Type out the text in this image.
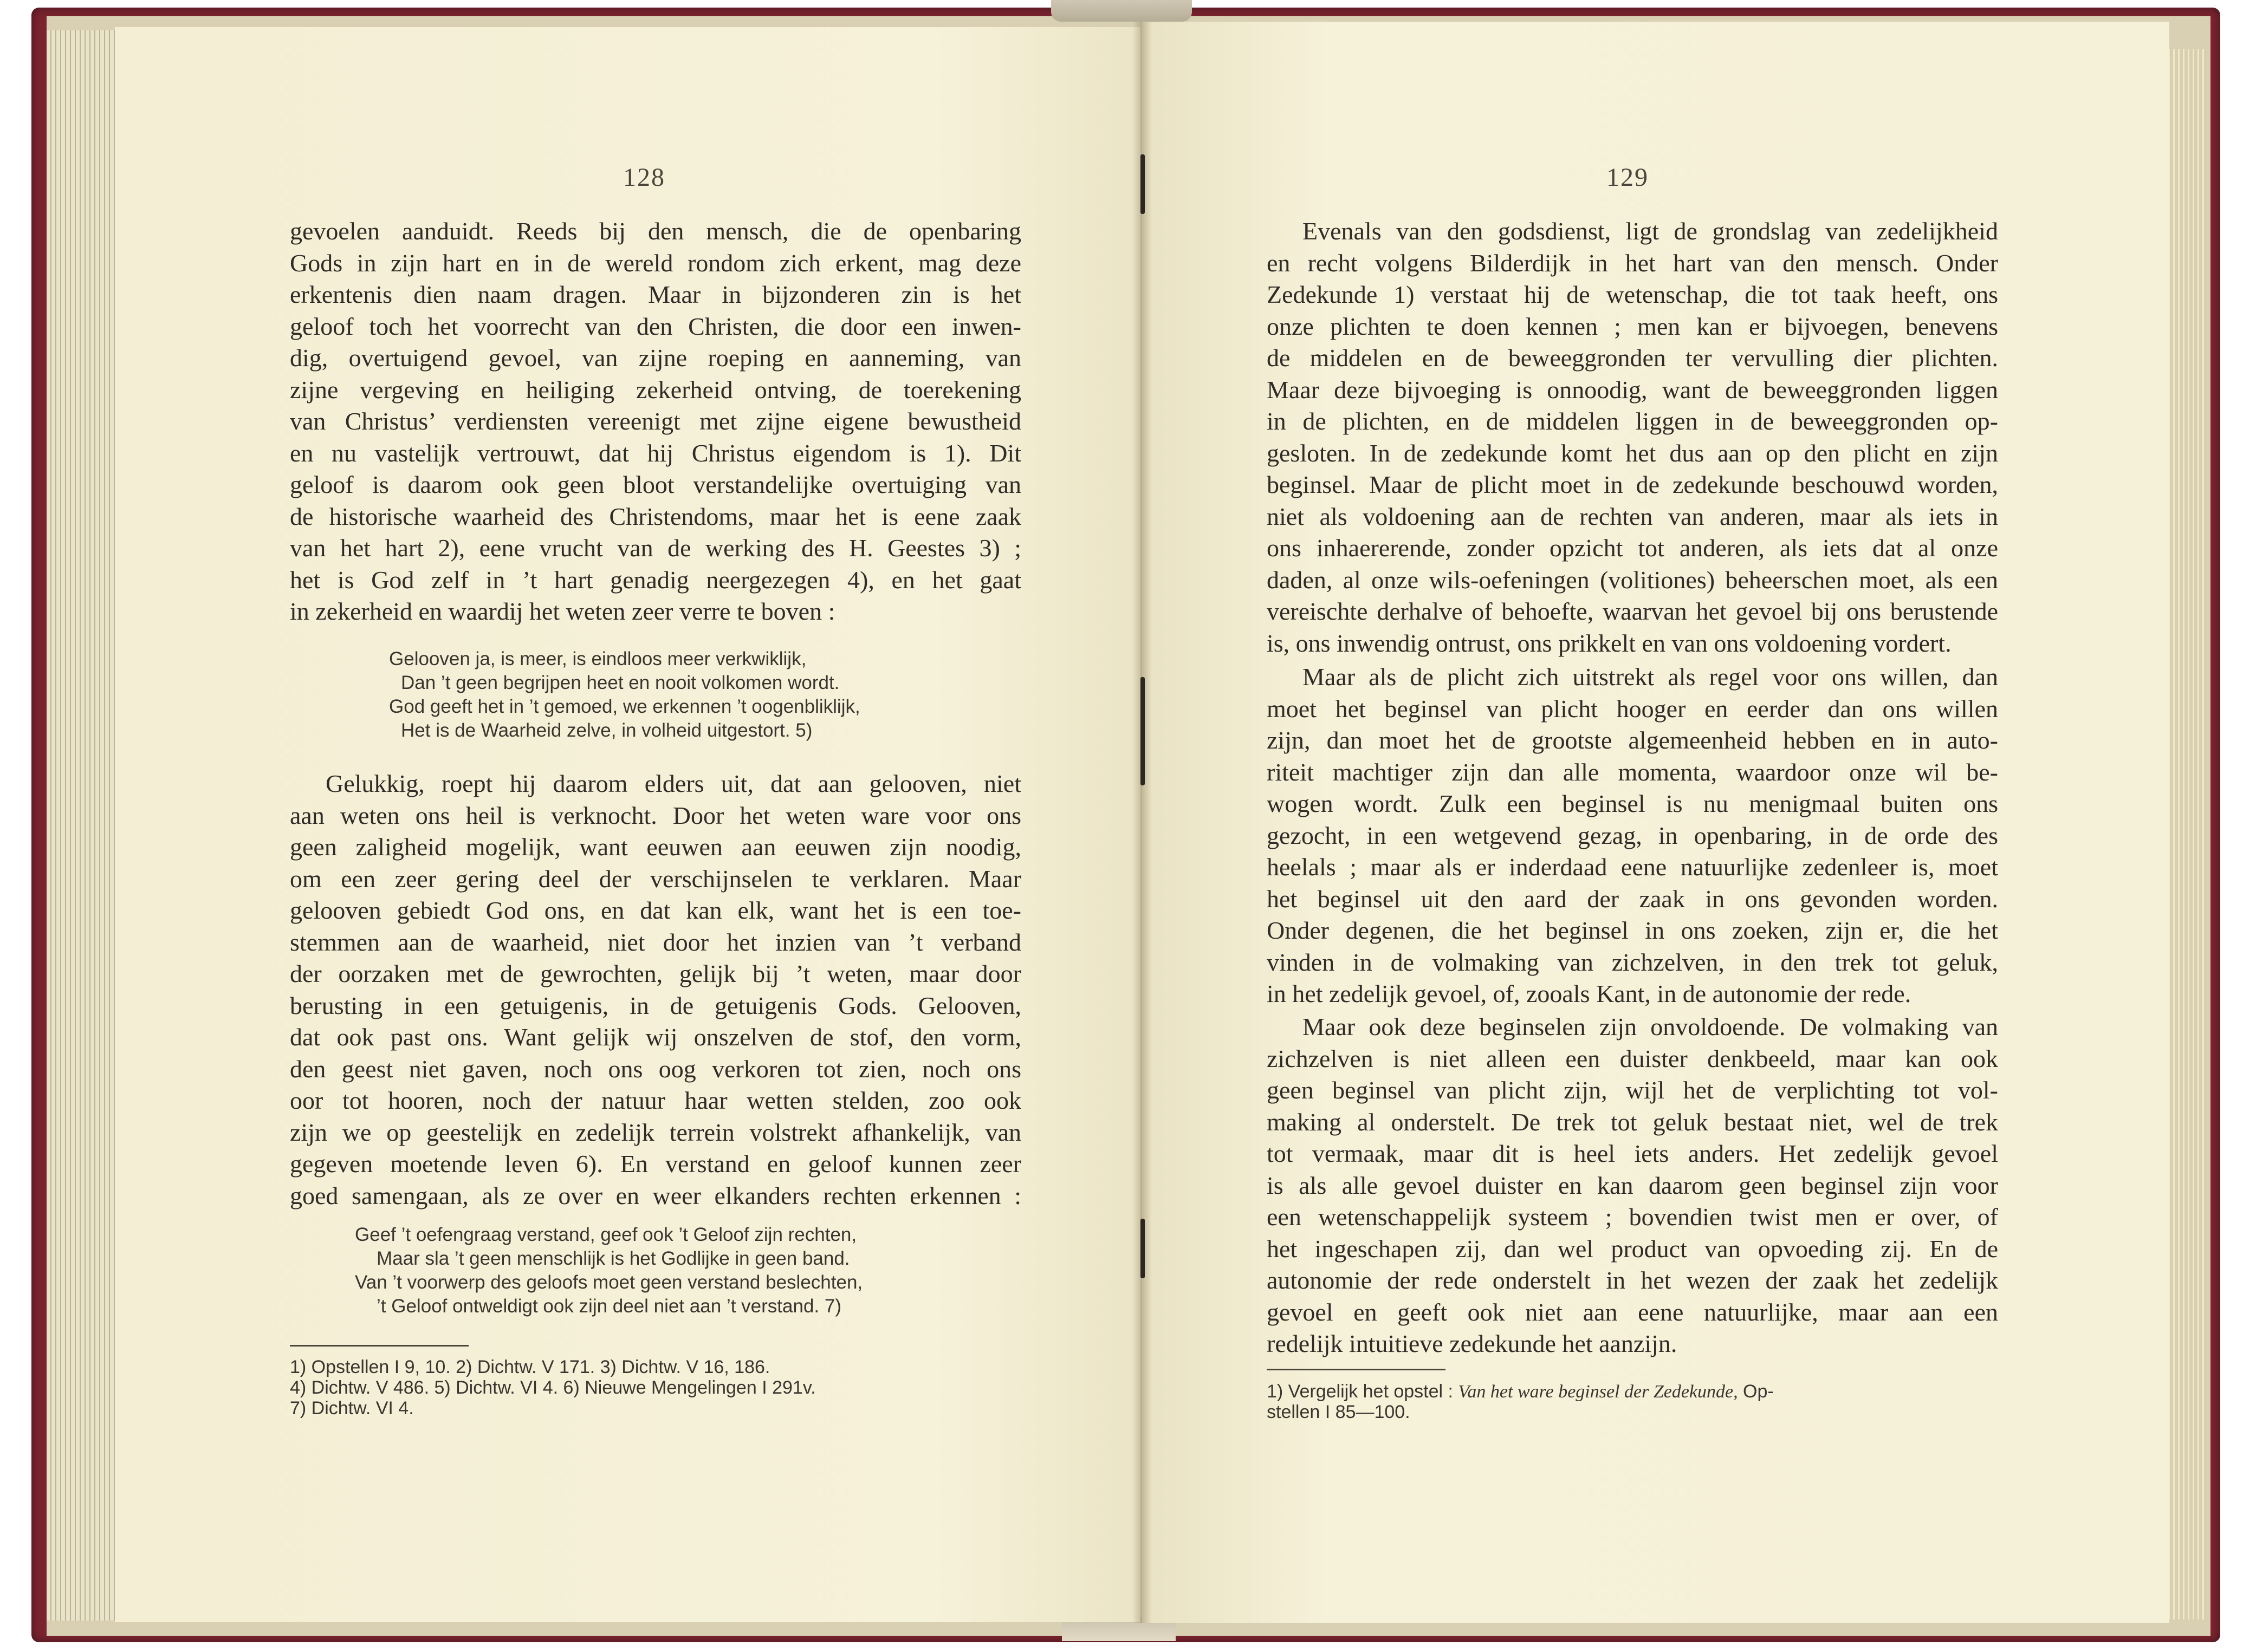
128
gevoelen aanduidt. Reeds bij den mensch, die de openbaring
Gods in zijn hart en in de wereld rondom zich erkent, mag deze
erkentenis dien naam dragen. Maar in bijzonderen zin is het
geloof toch het voorrecht van den Christen, die door een inwen-
dig, overtuigend gevoel, van zijne roeping en aanneming, van
zijne vergeving en heiliging zekerheid ontving, de toerekening
van Christus’ verdiensten vereenigt met zijne eigene bewustheid
en nu vastelijk vertrouwt, dat hij Christus eigendom is 1). Dit
geloof is daarom ook geen bloot verstandelijke overtuiging van
de historische waarheid des Christendoms, maar het is eene zaak
van het hart 2), eene vrucht van de werking des H. Geestes 3) ;
het is God zelf in ’t hart genadig neergezegen 4), en het gaat
in zekerheid en waardij het weten zeer verre te boven :
Gelooven ja, is meer, is eindloos meer verkwiklijk,
Dan ’t geen begrijpen heet en nooit volkomen wordt.
God geeft het in ’t gemoed, we erkennen ’t oogenbliklijk,
Het is de Waarheid zelve, in volheid uitgestort. 5)
Gelukkig, roept hij daarom elders uit, dat aan gelooven, niet
aan weten ons heil is verknocht. Door het weten ware voor ons
geen zaligheid mogelijk, want eeuwen aan eeuwen zijn noodig,
om een zeer gering deel der verschijnselen te verklaren. Maar
gelooven gebiedt God ons, en dat kan elk, want het is een toe-
stemmen aan de waarheid, niet door het inzien van ’t verband
der oorzaken met de gewrochten, gelijk bij ’t weten, maar door
berusting in een getuigenis, in de getuigenis Gods. Gelooven,
dat ook past ons. Want gelijk wij onszelven de stof, den vorm,
den geest niet gaven, noch ons oog verkoren tot zien, noch ons
oor tot hooren, noch der natuur haar wetten stelden, zoo ook
zijn we op geestelijk en zedelijk terrein volstrekt afhankelijk, van
gegeven moetende leven 6). En verstand en geloof kunnen zeer
goed samengaan, als ze over en weer elkanders rechten erkennen :
Geef ’t oefengraag verstand, geef ook ’t Geloof zijn rechten,
Maar sla ’t geen menschlijk is het Godlijke in geen band.
Van ’t voorwerp des geloofs moet geen verstand beslechten,
’t Geloof ontweldigt ook zijn deel niet aan ’t verstand. 7)
1) Opstellen I 9, 10. 2) Dichtw. V 171. 3) Dichtw. V 16, 186.
4) Dichtw. V 486. 5) Dichtw. VI 4. 6) Nieuwe Mengelingen I 291v.
7) Dichtw. VI 4.
129
Evenals van den godsdienst, ligt de grondslag van zedelijkheid
en recht volgens Bilderdijk in het hart van den mensch. Onder
Zedekunde 1) verstaat hij de wetenschap, die tot taak heeft, ons
onze plichten te doen kennen ; men kan er bijvoegen, benevens
de middelen en de beweeggronden ter vervulling dier plichten.
Maar deze bijvoeging is onnoodig, want de beweeggronden liggen
in de plichten, en de middelen liggen in de beweeggronden op-
gesloten. In de zedekunde komt het dus aan op den plicht en zijn
beginsel. Maar de plicht moet in de zedekunde beschouwd worden,
niet als voldoening aan de rechten van anderen, maar als iets in
ons inhaererende, zonder opzicht tot anderen, als iets dat al onze
daden, al onze wils-oefeningen (volitiones) beheerschen moet, als een
vereischte derhalve of behoefte, waarvan het gevoel bij ons berustende
is, ons inwendig ontrust, ons prikkelt en van ons voldoening vordert.
Maar als de plicht zich uitstrekt als regel voor ons willen, dan
moet het beginsel van plicht hooger en eerder dan ons willen
zijn, dan moet het de grootste algemeenheid hebben en in auto-
riteit machtiger zijn dan alle momenta, waardoor onze wil be-
wogen wordt. Zulk een beginsel is nu menigmaal buiten ons
gezocht, in een wetgevend gezag, in openbaring, in de orde des
heelals ; maar als er inderdaad eene natuurlijke zedenleer is, moet
het beginsel uit den aard der zaak in ons gevonden worden.
Onder degenen, die het beginsel in ons zoeken, zijn er, die het
vinden in de volmaking van zichzelven, in den trek tot geluk,
in het zedelijk gevoel, of, zooals Kant, in de autonomie der rede.
Maar ook deze beginselen zijn onvoldoende. De volmaking van
zichzelven is niet alleen een duister denkbeeld, maar kan ook
geen beginsel van plicht zijn, wijl het de verplichting tot vol-
making al onderstelt. De trek tot geluk bestaat niet, wel de trek
tot vermaak, maar dit is heel iets anders. Het zedelijk gevoel
is als alle gevoel duister en kan daarom geen beginsel zijn voor
een wetenschappelijk systeem ; bovendien twist men er over, of
het ingeschapen zij, dan wel product van opvoeding zij. En de
autonomie der rede onderstelt in het wezen der zaak het zedelijk
gevoel en geeft ook niet aan eene natuurlijke, maar aan een
redelijk intuitieve zedekunde het aanzijn.
1) Vergelijk het opstel : Van het ware beginsel der Zedekunde, Op-
stellen I 85—100.
